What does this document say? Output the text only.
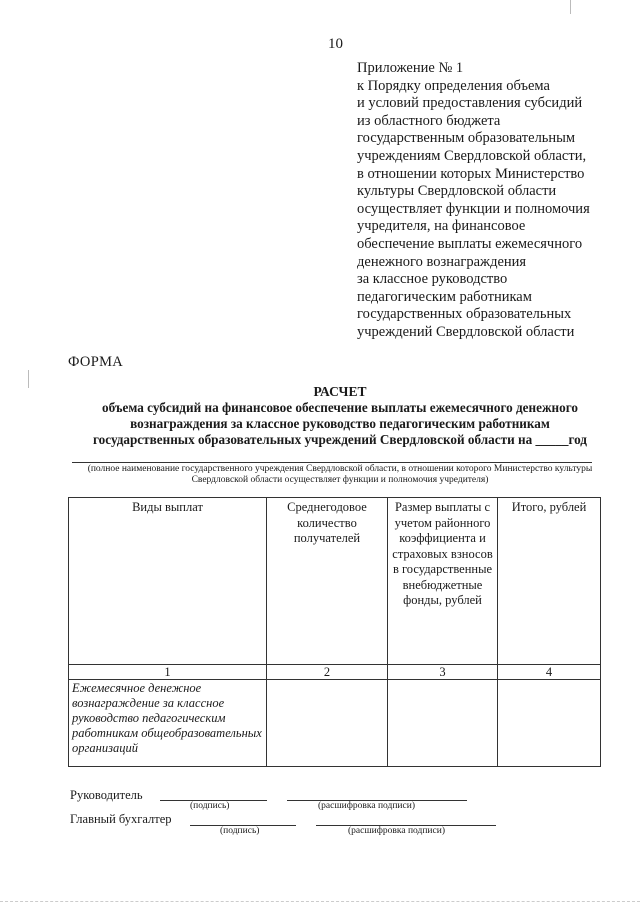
10
Приложение № 1
к Порядку определения объема
и условий предоставления субсидий
из областного бюджета
государственным образовательным
учреждениям Свердловской области,
в отношении которых Министерство
культуры Свердловской области
осуществляет функции и полномочия
учредителя, на финансовое
обеспечение выплаты ежемесячного
денежного вознаграждения
за классное руководство
педагогическим работникам
государственных образовательных
учреждений Свердловской области
ФОРМА
РАСЧЕТ
объема субсидий на финансовое обеспечение выплаты ежемесячного денежного
вознаграждения за классное руководство педагогическим работникам
государственных образовательных учреждений Свердловской области на _____год
(полное наименование государственного учреждения Свердловской области, в отношении которого Министерство культуры Свердловской области осуществляет функции и полномочия учредителя)
Виды выплат	Среднегодовое количество получателей	Размер выплаты с учетом районного коэффициента и страховых взносов в государственные внебюджетные фонды, рублей	Итого, рублей
1	2	3	4
Ежемесячное денежное вознаграждение за классное руководство педагогическим работникам общеобразовательных организаций			
Руководитель
(подпись)	(расшифровка подписи)
Главный бухгалтер
(подпись)	(расшифровка подписи)
